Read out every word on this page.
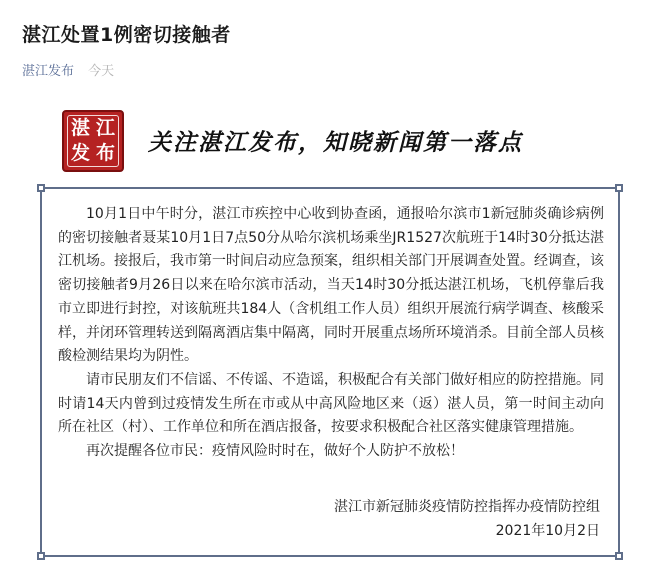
湛江处置1例密切接触者
湛江发布 今天
湛 江
发 布 关注湛江发布，知晓新闻第一落点

10月1日中午时分，湛江市疾控中心收到协查函，通报哈尔滨市1新冠肺炎确诊病例的密切接触者聂某10月1日7点50分从哈尔滨机场乘坐JR1527次航班于14时30分抵达湛江机场。接报后，我市第一时间启动应急预案，组织相关部门开展调查处置。经调查，该密切接触者9月26日以来在哈尔滨市活动，当天14时30分抵达湛江机场，飞机停靠后我市立即进行封控，对该航班共184人（含机组工作人员）组织开展流行病学调查、核酸采样，并闭环管理转送到隔离酒店集中隔离，同时开展重点场所环境消杀。目前全部人员核酸检测结果均为阴性。

请市民朋友们不信谣、不传谣、不造谣，积极配合有关部门做好相应的防控措施。同时请14天内曾到过疫情发生所在市或从中高风险地区来（返）湛人员，第一时间主动向所在社区（村）、工作单位和所在酒店报备，按要求积极配合社区落实健康管理措施。

再次提醒各位市民：疫情风险时时在，做好个人防护不放松！

湛江市新冠肺炎疫情防控指挥办疫情防控组
2021年10月2日
